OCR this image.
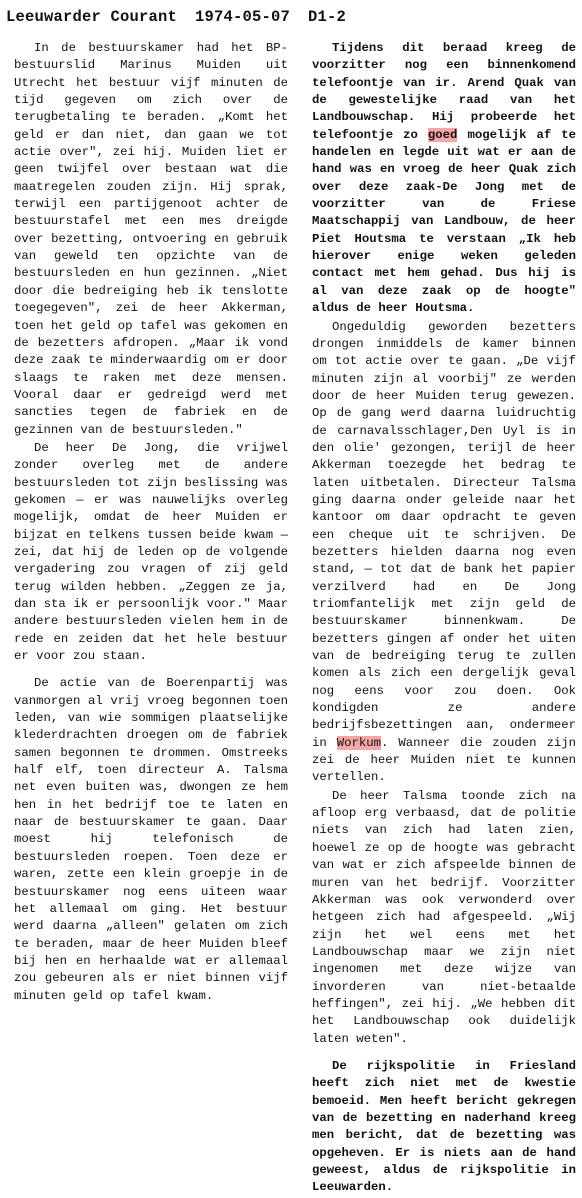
Leeuwarder Courant 1974-05-07 D1-2

In de bestuurskamer had het BP-bestuurslid Marinus Muiden uit Utrecht het bestuur vijf minuten de tijd gegeven om zich over de terugbetaling te beraden. „Komt het geld er dan niet, dan gaan we tot actie over", zei hij. Muiden liet er geen twijfel over bestaan wat die maatregelen zouden zijn. Hij sprak, terwijl een partijgenoot achter de bestuurstafel met een mes dreigde over bezetting, ontvoering en gebruik van geweld ten opzichte van de bestuursleden en hun gezinnen. „Niet door die bedreiging heb ik tenslotte toegegeven", zei de heer Akkerman, toen het geld op tafel was gekomen en de bezetters afdropen. „Maar ik vond deze zaak te minderwaardig om er door slaags te raken met deze mensen. Vooral daar er gedreigd werd met sancties tegen de fabriek en de gezinnen van de bestuursleden."

De heer De Jong, die vrijwel zonder overleg met de andere bestuursleden tot zijn beslissing was gekomen — er was nauwelijks overleg mogelijk, omdat de heer Muiden er bijzat en telkens tussen beide kwam — zei, dat hij de leden op de volgende vergadering zou vragen of zij geld terug wilden hebben. „Zeggen ze ja, dan sta ik er persoonlijk voor." Maar andere bestuursleden vielen hem in de rede en zeiden dat het hele bestuur er voor zou staan.

De actie van de Boerenpartij was vanmorgen al vrij vroeg begonnen toen leden, van wie sommigen plaatselijke klederdrachten droegen om de fabriek samen begonnen te drommen. Omstreeks half elf, toen directeur A. Talsma net even buiten was, dwongen ze hem hen in het bedrijf toe te laten en naar de bestuurskamer te gaan. Daar moest hij telefonisch de bestuursleden roepen. Toen deze er waren, zette een klein groepje in de bestuurskamer nog eens uiteen waar het allemaal om ging. Het bestuur werd daarna „alleen" gelaten om zich te beraden, maar de heer Muiden bleef bij hen en herhaalde wat er allemaal zou gebeuren als er niet binnen vijf minuten geld op tafel kwam.

Tijdens dit beraad kreeg de voorzitter nog een binnenkomend telefoontje van ir. Arend Quak van de gewestelijke raad van het Landbouwschap. Hij probeerde het telefoontje zo goed mogelijk af te handelen en legde uit wat er aan de hand was en vroeg de heer Quak zich over deze zaak-De Jong met de voorzitter van de Friese Maatschappij van Landbouw, de heer Piet Houtsma te verstaan „Ik heb hierover enige weken geleden contact met hem gehad. Dus hij is al van deze zaak op de hoogte" aldus de heer Houtsma.

Ongeduldig geworden bezetters drongen inmiddels de kamer binnen om tot actie over te gaan. „De vijf minuten zijn al voorbij" ze werden door de heer Muiden terug gewezen. Op de gang werd daarna luidruchtig de carnavalsschlager,Den Uyl is in den olie' gezongen, terijl de heer Akkerman toezegde het bedrag te laten uitbetalen. Directeur Talsma ging daarna onder geleide naar het kantoor om daar opdracht te geven een cheque uit te schrijven. De bezetters hielden daarna nog even stand, — tot dat de bank het papier verzilverd had en De Jong triomfantelijk met zijn geld de bestuurskamer binnenkwam. De bezetters gingen af onder het uiten van de bedreiging terug te zullen komen als zich een dergelijk geval nog eens voor zou doen. Ook kondigden ze andere bedrijfsbezettingen aan, ondermeer in Workum. Wanneer die zouden zijn zei de heer Muiden niet te kunnen vertellen.

De heer Talsma toonde zich na afloop erg verbaasd, dat de politie niets van zich had laten zien, hoewel ze op de hoogte was gebracht van wat er zich afspeelde binnen de muren van het bedrijf. Voorzitter Akkerman was ook verwonderd over hetgeen zich had afgespeeld. „Wij zijn het wel eens met het Landbouwschap maar we zijn niet ingenomen met deze wijze van invorderen van niet-betaalde heffingen", zei hij. „We hebben dit het Landbouwschap ook duidelijk laten weten".

De rijkspolitie in Friesland heeft zich niet met de kwestie bemoeid. Men heeft bericht gekregen van de bezetting en naderhand kreeg men bericht, dat de bezetting was opgeheven. Er is niets aan de hand geweest, aldus de rijkspolitie in Leeuwarden.
